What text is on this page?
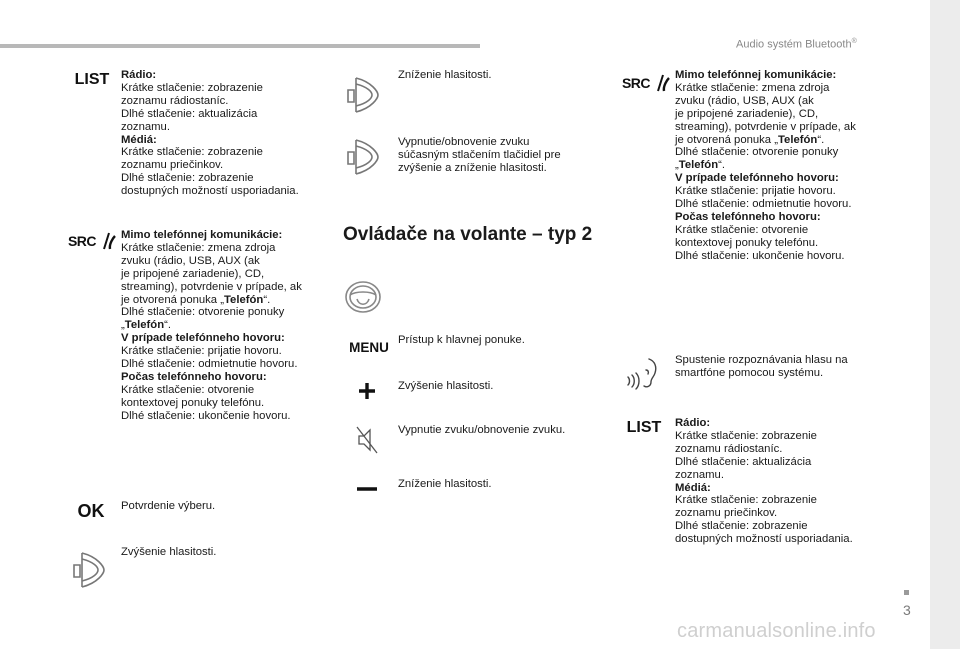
Audio systém Bluetooth®
LIST Rádio:

Krátke stlačenie: zobrazenie

zoznamu rádiostaníc.

Dlhé stlačenie: aktualizácia

zoznamu.

Médiá:

Krátke stlačenie: zobrazenie

zoznamu priečinkov.

Dlhé stlačenie: zobrazenie

dostupných možností usporiadania.

SRC Mimo telefónnej komunikácie:

Krátke stlačenie: zmena zdroja

zvuku (rádio, USB, AUX (ak

je pripojené zariadenie), CD,

streaming), potvrdenie v prípade, ak

je otvorená ponuka „Telefón“.

Dlhé stlačenie: otvorenie ponuky

„Telefón“.

V prípade telefónneho hovoru:

Krátke stlačenie: prijatie hovoru.

Dlhé stlačenie: odmietnutie hovoru.

Počas telefónneho hovoru:

Krátke stlačenie: otvorenie

kontextovej ponuky telefónu.

Dlhé stlačenie: ukončenie hovoru.

OK Potvrdenie výberu.

Zvýšenie hlasitosti.

Zníženie hlasitosti.

Vypnutie/obnovenie zvuku

súčasným stlačením tlačidiel pre

zvýšenie a zníženie hlasitosti.

Ovládače na volante – typ 2
MENU Prístup k hlavnej ponuke.

Zvýšenie hlasitosti.

Vypnutie zvuku/obnovenie zvuku.

Zníženie hlasitosti.

SRC Mimo telefónnej komunikácie:

Krátke stlačenie: zmena zdroja

zvuku (rádio, USB, AUX (ak

je pripojené zariadenie), CD,

streaming), potvrdenie v prípade, ak

je otvorená ponuka „Telefón“.

Dlhé stlačenie: otvorenie ponuky

„Telefón“.

V prípade telefónneho hovoru:

Krátke stlačenie: prijatie hovoru.

Dlhé stlačenie: odmietnutie hovoru.

Počas telefónneho hovoru:

Krátke stlačenie: otvorenie

kontextovej ponuky telefónu.

Dlhé stlačenie: ukončenie hovoru.

Spustenie rozpoznávania hlasu na

smartfóne pomocou systému.

LIST Rádio:

Krátke stlačenie: zobrazenie

zoznamu rádiostaníc.

Dlhé stlačenie: aktualizácia

zoznamu.

Médiá:

Krátke stlačenie: zobrazenie

zoznamu priečinkov.

Dlhé stlačenie: zobrazenie

dostupných možností usporiadania.

3
carmanualsonline.info
